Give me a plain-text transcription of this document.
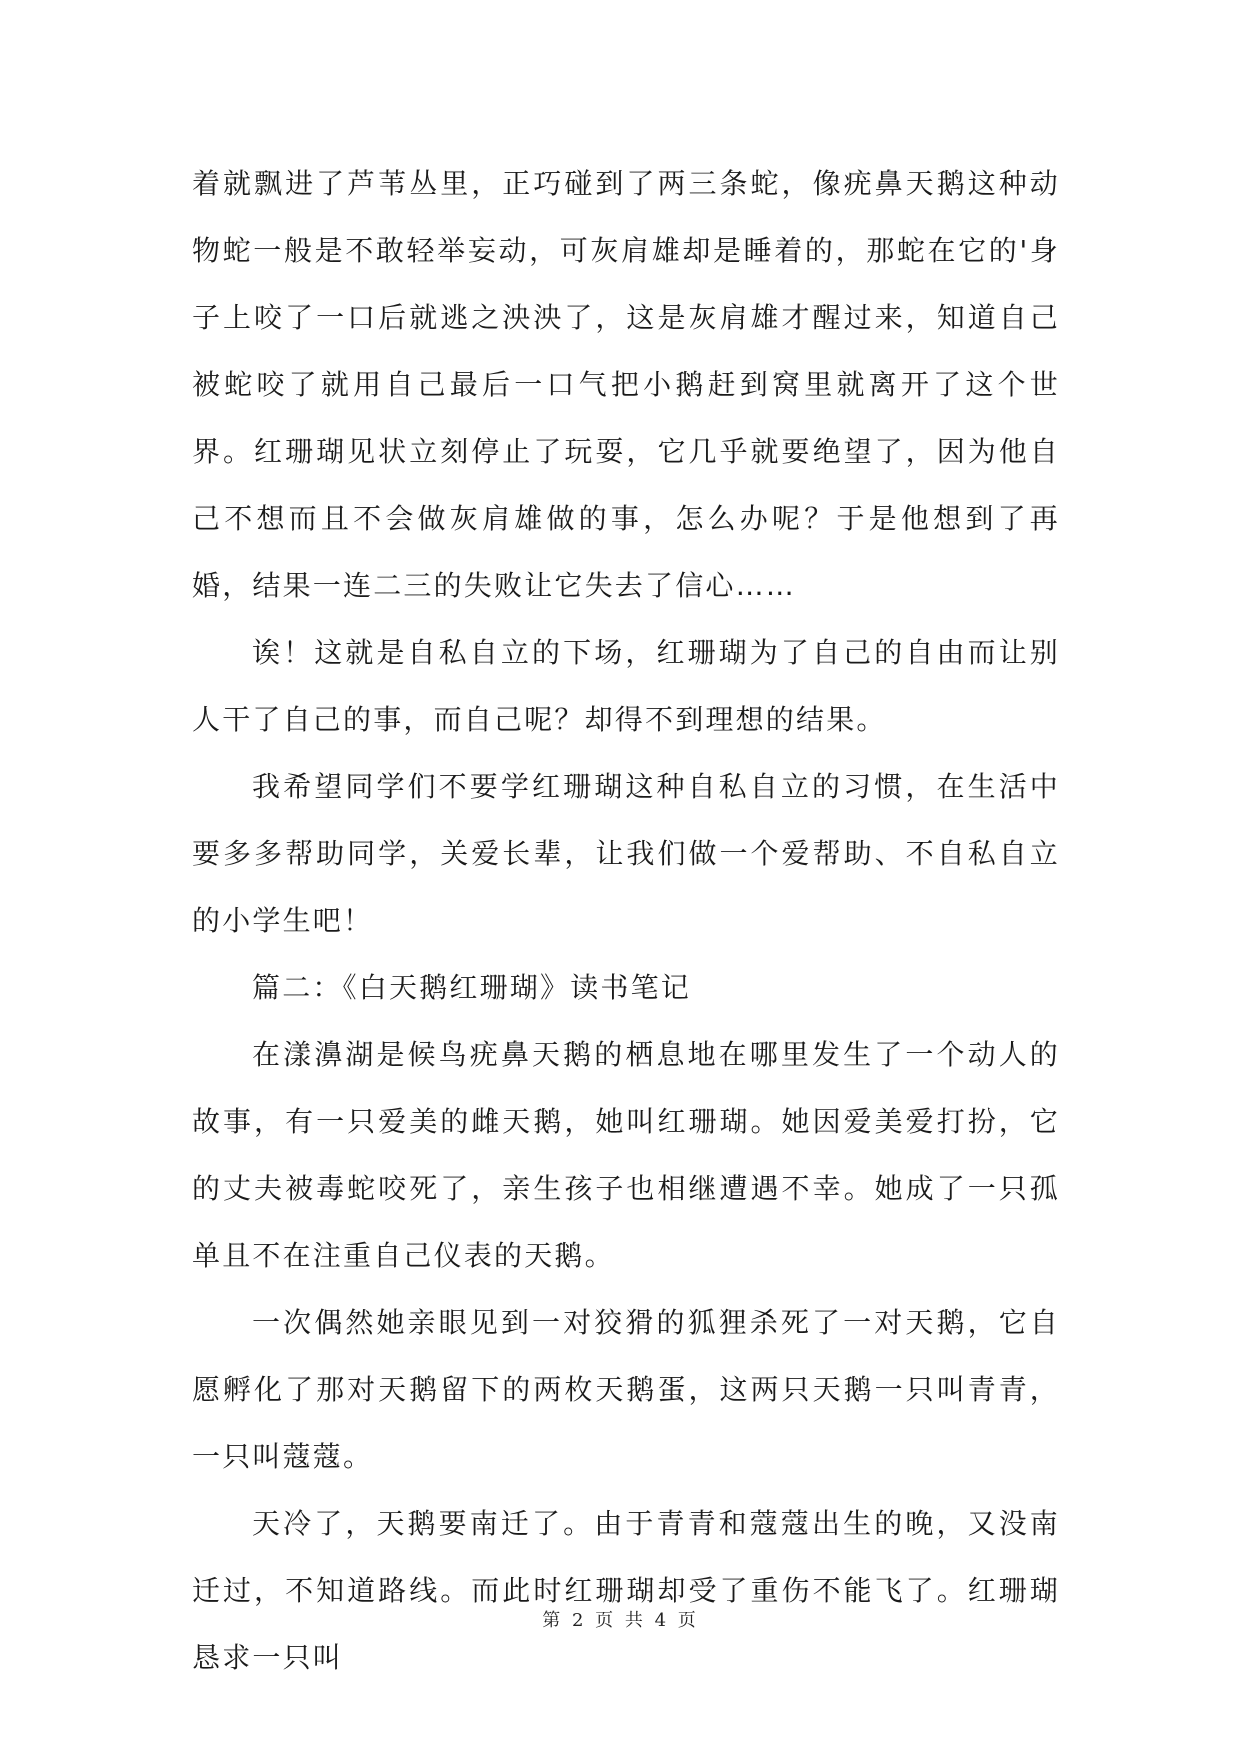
着就飘进了芦苇丛里，正巧碰到了两三条蛇，像疣鼻天鹅这种动物蛇一般是不敢轻举妄动，可灰肩雄却是睡着的，那蛇在它的'身子上咬了一口后就逃之泱泱了，这是灰肩雄才醒过来，知道自己被蛇咬了就用自己最后一口气把小鹅赶到窝里就离开了这个世界。红珊瑚见状立刻停止了玩耍，它几乎就要绝望了，因为他自己不想而且不会做灰肩雄做的事，怎么办呢？于是他想到了再婚，结果一连二三的失败让它失去了信心……

诶！这就是自私自立的下场，红珊瑚为了自己的自由而让别人干了自己的事，而自己呢？却得不到理想的结果。

我希望同学们不要学红珊瑚这种自私自立的习惯，在生活中要多多帮助同学，关爱长辈，让我们做一个爱帮助、不自私自立的小学生吧！

篇二：《白天鹅红珊瑚》读书笔记

在漾濞湖是候鸟疣鼻天鹅的栖息地在哪里发生了一个动人的故事，有一只爱美的雌天鹅，她叫红珊瑚。她因爱美爱打扮，它的丈夫被毒蛇咬死了，亲生孩子也相继遭遇不幸。她成了一只孤单且不在注重自己仪表的天鹅。

一次偶然她亲眼见到一对狡猾的狐狸杀死了一对天鹅，它自愿孵化了那对天鹅留下的两枚天鹅蛋，这两只天鹅一只叫青青，一只叫蔻蔻。

天冷了，天鹅要南迁了。由于青青和蔻蔻出生的晚，又没南迁过，不知道路线。而此时红珊瑚却受了重伤不能飞了。红珊瑚恳求一只叫

第 2 页 共 4 页
